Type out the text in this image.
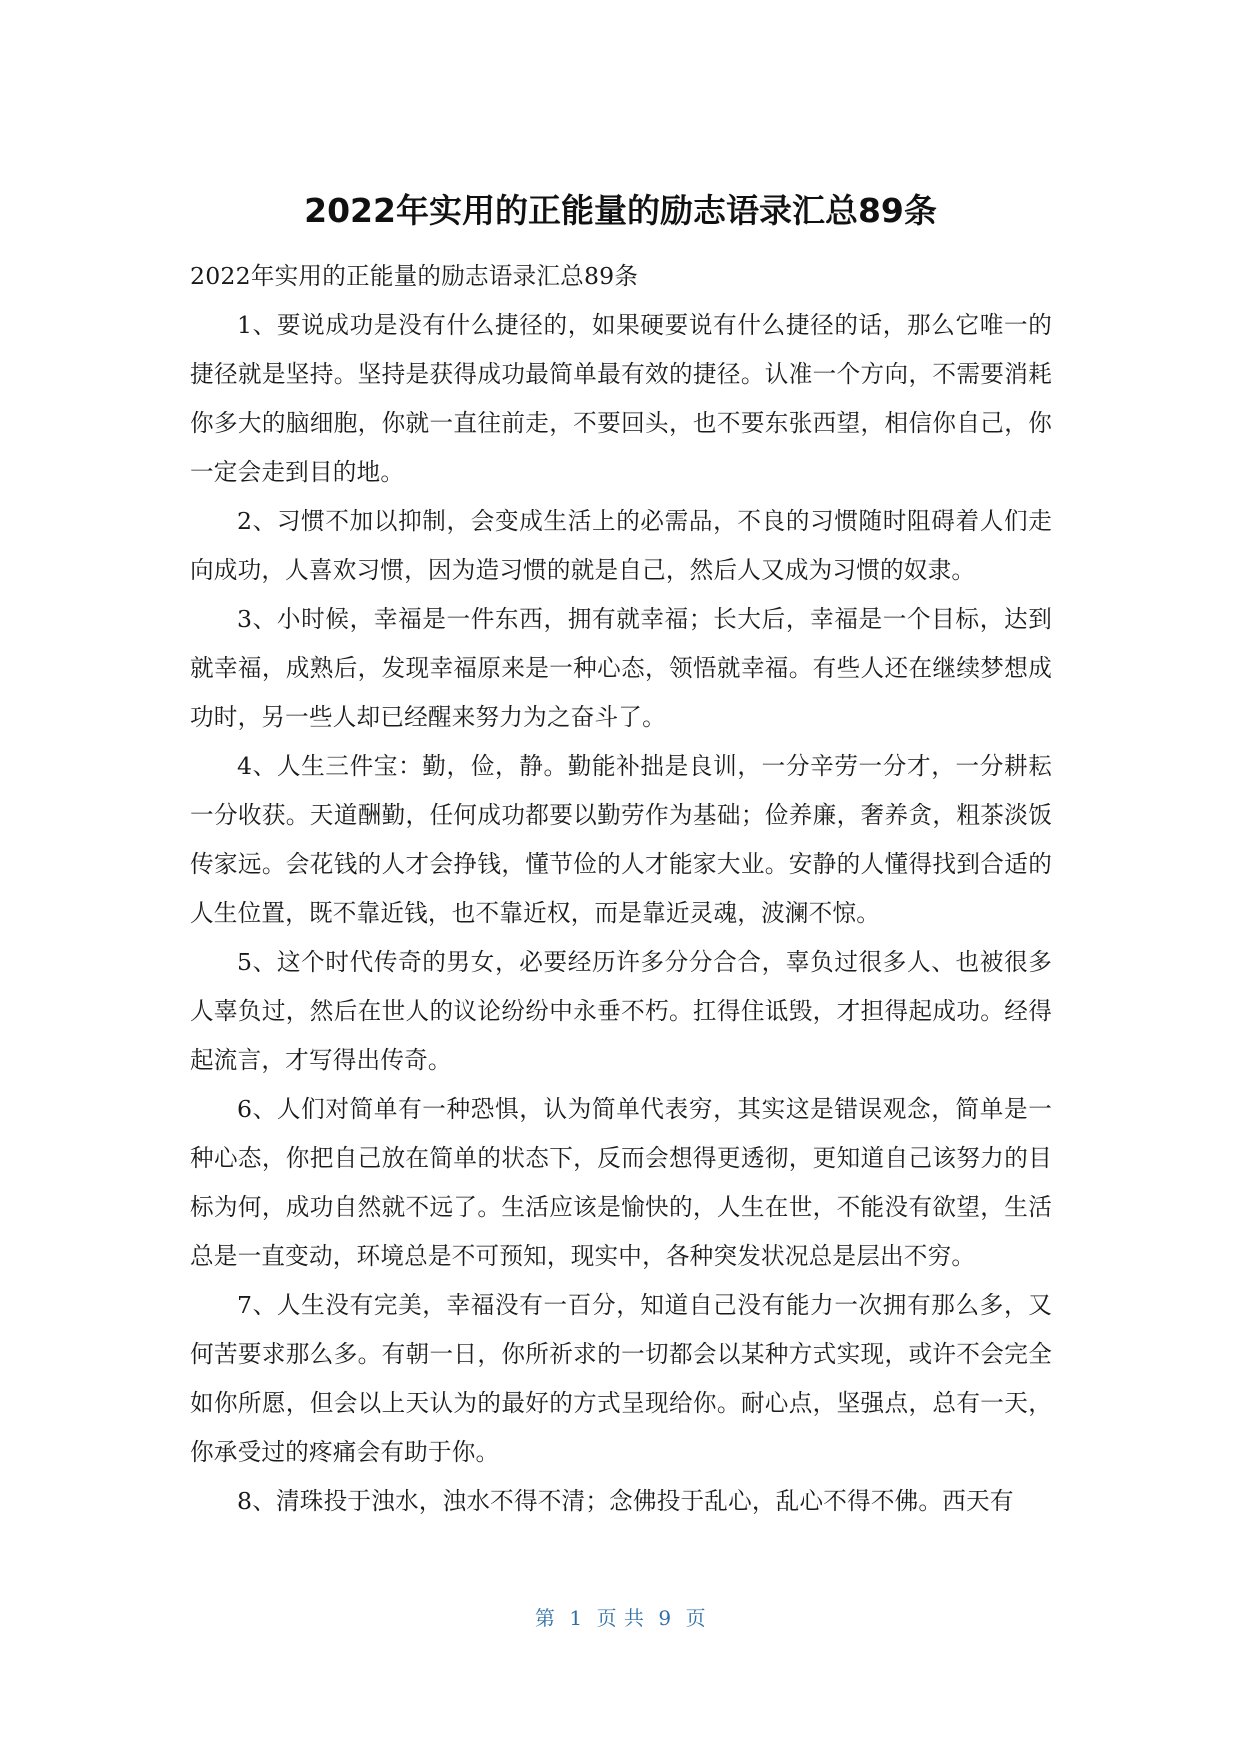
2022年实用的正能量的励志语录汇总89条

2022年实用的正能量的励志语录汇总89条

1、要说成功是没有什么捷径的，如果硬要说有什么捷径的话，那么它唯一的捷径就是坚持。坚持是获得成功最简单最有效的捷径。认准一个方向，不需要消耗你多大的脑细胞，你就一直往前走，不要回头，也不要东张西望，相信你自己，你一定会走到目的地。

2、习惯不加以抑制，会变成生活上的必需品，不良的习惯随时阻碍着人们走向成功，人喜欢习惯，因为造习惯的就是自己，然后人又成为习惯的奴隶。

3、小时候，幸福是一件东西，拥有就幸福；长大后，幸福是一个目标，达到就幸福，成熟后，发现幸福原来是一种心态，领悟就幸福。有些人还在继续梦想成功时，另一些人却已经醒来努力为之奋斗了。

4、人生三件宝：勤，俭，静。勤能补拙是良训，一分辛劳一分才，一分耕耘一分收获。天道酬勤，任何成功都要以勤劳作为基础；俭养廉，奢养贪，粗茶淡饭传家远。会花钱的人才会挣钱，懂节俭的人才能家大业。安静的人懂得找到合适的人生位置，既不靠近钱，也不靠近权，而是靠近灵魂，波澜不惊。

5、这个时代传奇的男女，必要经历许多分分合合，辜负过很多人、也被很多人辜负过，然后在世人的议论纷纷中永垂不朽。扛得住诋毁，才担得起成功。经得起流言，才写得出传奇。

6、人们对简单有一种恐惧，认为简单代表穷，其实这是错误观念，简单是一种心态，你把自己放在简单的状态下，反而会想得更透彻，更知道自己该努力的目标为何，成功自然就不远了。生活应该是愉快的，人生在世，不能没有欲望，生活总是一直变动，环境总是不可预知，现实中，各种突发状况总是层出不穷。

7、人生没有完美，幸福没有一百分，知道自己没有能力一次拥有那么多，又何苦要求那么多。有朝一日，你所祈求的一切都会以某种方式实现，或许不会完全如你所愿，但会以上天认为的最好的方式呈现给你。耐心点，坚强点，总有一天，你承受过的疼痛会有助于你。

8、清珠投于浊水，浊水不得不清；念佛投于乱心，乱心不得不佛。西天有

第 1 页 共 9 页
